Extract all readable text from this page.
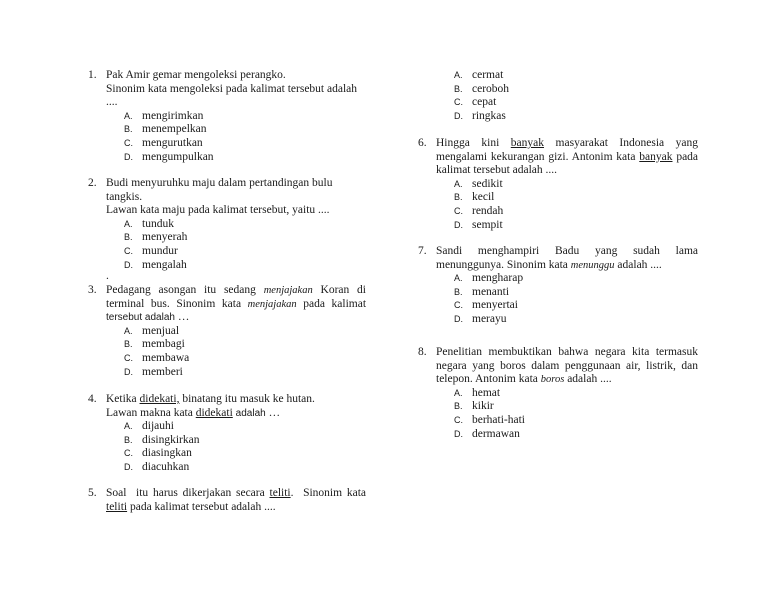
1. Pak Amir gemar mengoleksi perangko.
Sinonim kata mengoleksi pada kalimat tersebut adalah
....
A. mengirimkan
B. menempelkan
C. mengurutkan
D. mengumpulkan
2. Budi menyuruhku maju dalam pertandingan bulu
tangkis.
Lawan kata maju pada kalimat tersebut, yaitu ....
A. tunduk
B. menyerah
C. mundur
D. mengalah
.
3. Pedagang asongan itu sedang menjajakan Koran di
terminal bus. Sinonim kata menjajakan pada kalimat
tersebut adalah …
A. menjual
B. membagi
C. membawa
D. memberi
4. Ketika didekati, binatang itu masuk ke hutan.
Lawan makna kata didekati adalah …
A. dijauhi
B. disingkirkan
C. diasingkan
D. diacuhkan
5. Soal  itu harus dikerjakan secara teliti.  Sinonim kata
teliti pada kalimat tersebut adalah ....
A. cermat
B. ceroboh
C. cepat
D. ringkas
6. Hingga kini banyak masyarakat Indonesia yang
mengalami kekurangan gizi. Antonim kata banyak pada
kalimat tersebut adalah ....
A. sedikit
B. kecil
C. rendah
D. sempit
7. Sandi menghampiri Badu yang sudah lama
menunggunya. Sinonim kata menunggu adalah ....
A. mengharap
B. menanti
C. menyertai
D. merayu
8. Penelitian membuktikan bahwa negara kita termasuk
negara yang boros dalam penggunaan air, listrik, dan
telepon. Antonim kata boros adalah ....
A. hemat
B. kikir
C. berhati-hati
D. dermawan
